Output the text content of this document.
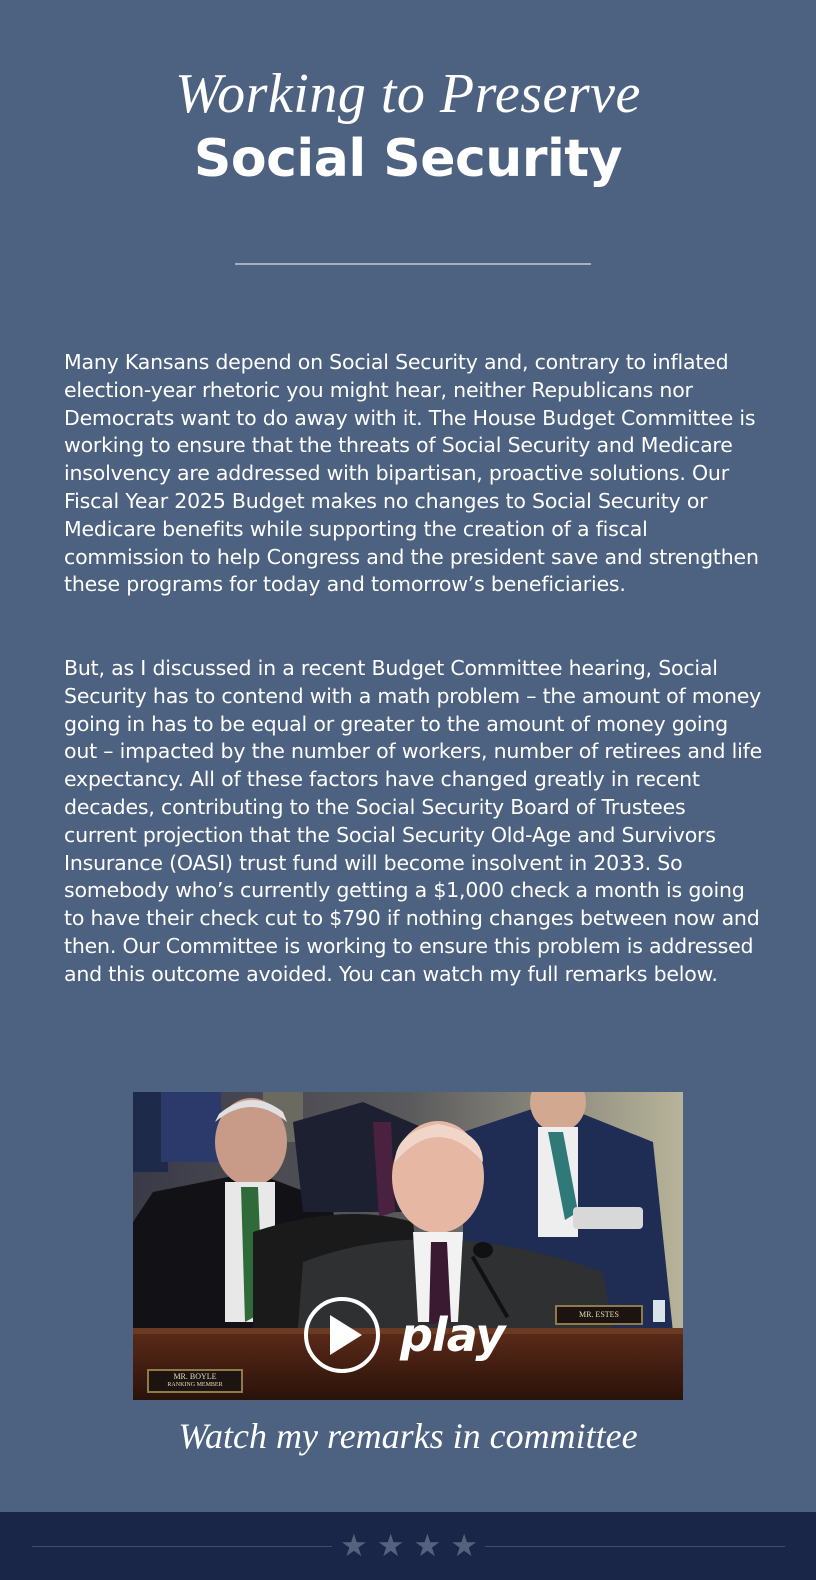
Working to Preserve
Social Security

Many Kansans depend on Social Security and, contrary to inflated election-year rhetoric you might hear, neither Republicans nor Democrats want to do away with it. The House Budget Committee is working to ensure that the threats of Social Security and Medicare insolvency are addressed with bipartisan, proactive solutions. Our Fiscal Year 2025 Budget makes no changes to Social Security or Medicare benefits while supporting the creation of a fiscal commission to help Congress and the president save and strengthen these programs for today and tomorrow’s beneficiaries.

But, as I discussed in a recent Budget Committee hearing, Social Security has to contend with a math problem – the amount of money going in has to be equal or greater to the amount of money going out – impacted by the number of workers, number of retirees and life expectancy. All of these factors have changed greatly in recent decades, contributing to the Social Security Board of Trustees current projection that the Social Security Old-Age and Survivors Insurance (OASI) trust fund will become insolvent in 2033. So somebody who’s currently getting a $1,000 check a month is going to have their check cut to $790 if nothing changes between now and then. Our Committee is working to ensure this problem is addressed and this outcome avoided. You can watch my full remarks below.

MR. BOYLE
RANKING MEMBER
MR. ESTES
play
Watch my remarks in committee
★ ★ ★ ★
